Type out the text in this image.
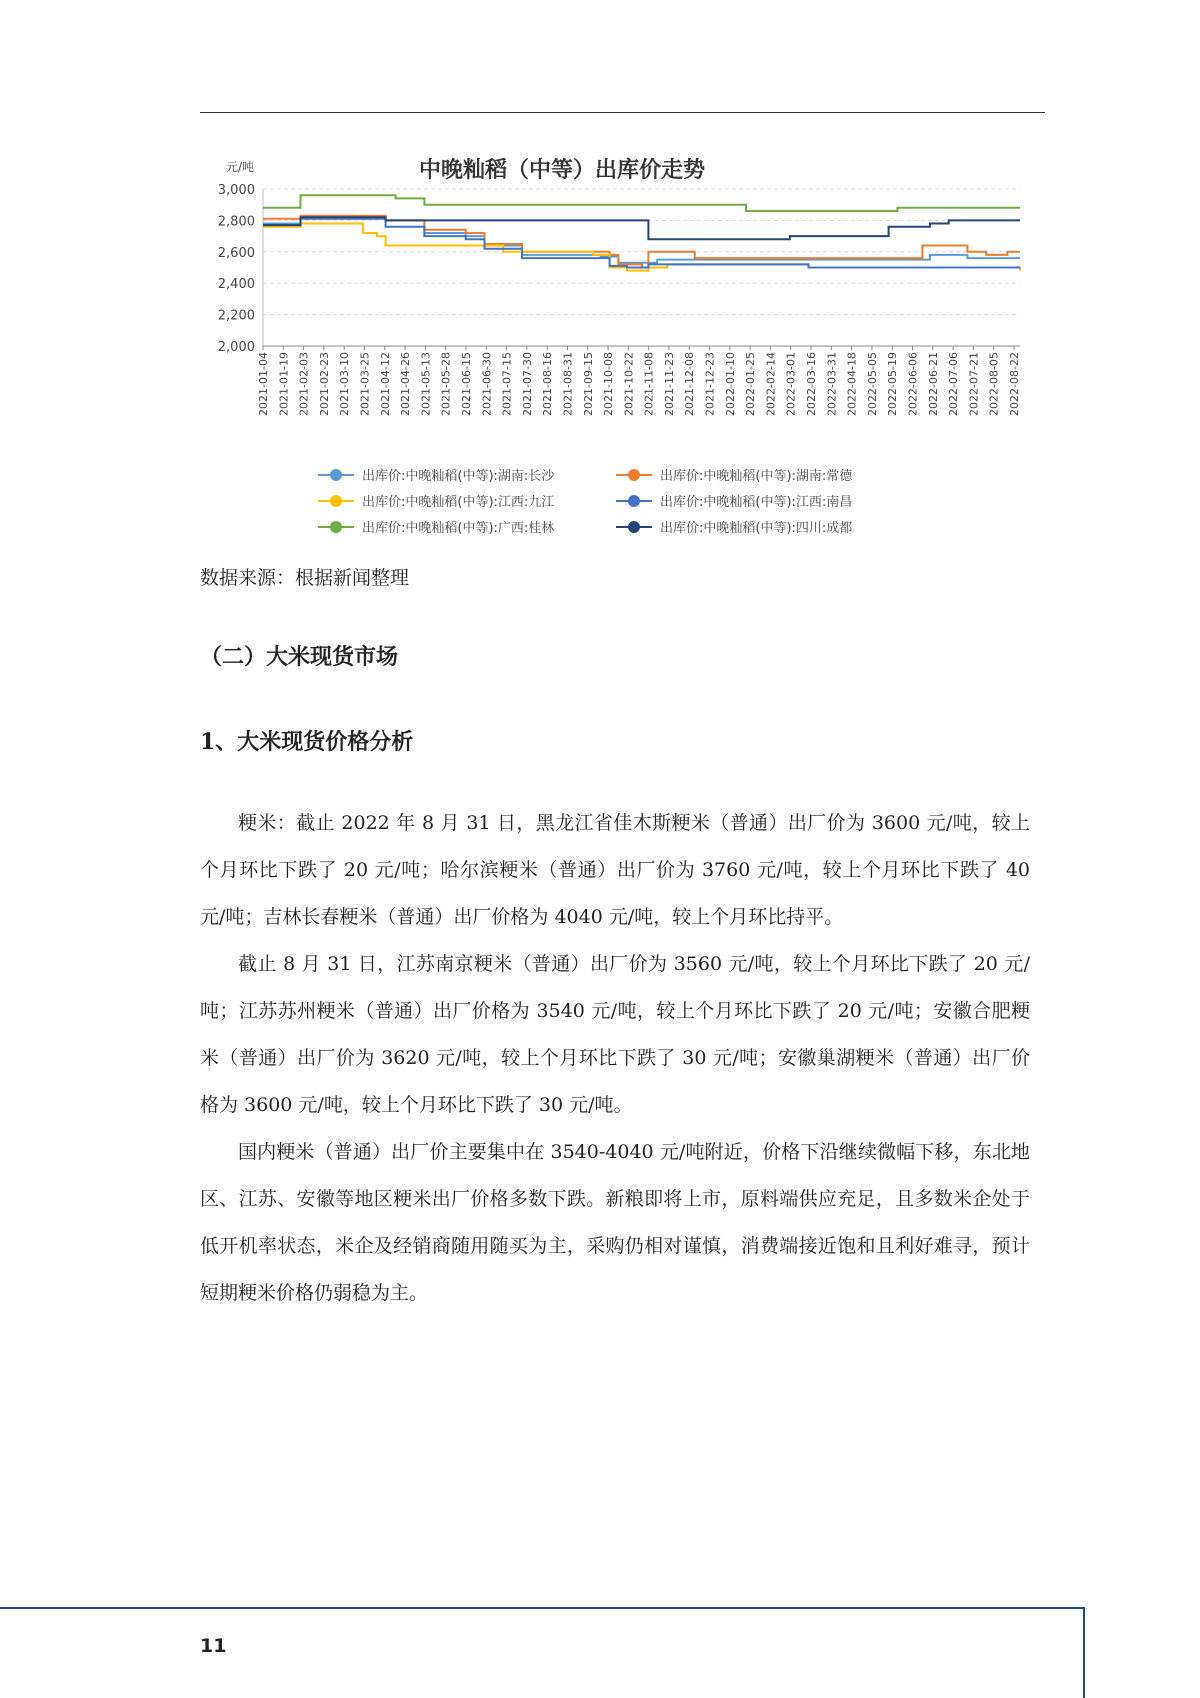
中晚籼稻（中等）出库价走势
元/吨
3,000
2,800
2,600
2,400
2,200
2,000
2021-01-04 2021-01-19 2021-02-03 2021-02-23 2021-03-10 2021-03-25 2021-04-12 2021-04-26 2021-05-13 2021-05-28 2021-06-15 2021-06-30 2021-07-15 2021-07-30 2021-08-16 2021-08-31 2021-09-15 2021-10-08 2021-10-22 2021-11-08 2021-11-23 2021-12-08 2021-12-23 2022-01-10 2022-01-25 2022-02-14 2022-03-01 2022-03-16 2022-03-31 2022-04-18 2022-05-05 2022-05-19 2022-06-06 2022-06-21 2022-07-06 2022-07-21 2022-08-05 2022-08-22
出库价:中晚籼稻(中等):湖南:长沙	出库价:中晚籼稻(中等):湖南:常德
出库价:中晚籼稻(中等):江西:九江	出库价:中晚籼稻(中等):江西:南昌
出库价:中晚籼稻(中等):广西:桂林	出库价:中晚籼稻(中等):四川:成都
数据来源：根据新闻整理
（二）大米现货市场
1、大米现货价格分析

粳米：截止 2022 年 8 月 31 日，黑龙江省佳木斯粳米（普通）出厂价为 3600 元/吨，较上个月环比下跌了 20 元/吨；哈尔滨粳米（普通）出厂价为 3760 元/吨，较上个月环比下跌了 40 元/吨；吉林长春粳米（普通）出厂价格为 4040 元/吨，较上个月环比持平。

截止 8 月 31 日，江苏南京粳米（普通）出厂价为 3560 元/吨，较上个月环比下跌了 20 元/吨；江苏苏州粳米（普通）出厂价格为 3540 元/吨，较上个月环比下跌了 20 元/吨；安徽合肥粳米（普通）出厂价为 3620 元/吨，较上个月环比下跌了 30 元/吨；安徽巢湖粳米（普通）出厂价格为 3600 元/吨，较上个月环比下跌了 30 元/吨。

国内粳米（普通）出厂价主要集中在 3540-4040 元/吨附近，价格下沿继续微幅下移，东北地区、江苏、安徽等地区粳米出厂价格多数下跌。新粮即将上市，原料端供应充足，且多数米企处于低开机率状态，米企及经销商随用随买为主，采购仍相对谨慎，消费端接近饱和且利好难寻，预计短期粳米价格仍弱稳为主。

11
